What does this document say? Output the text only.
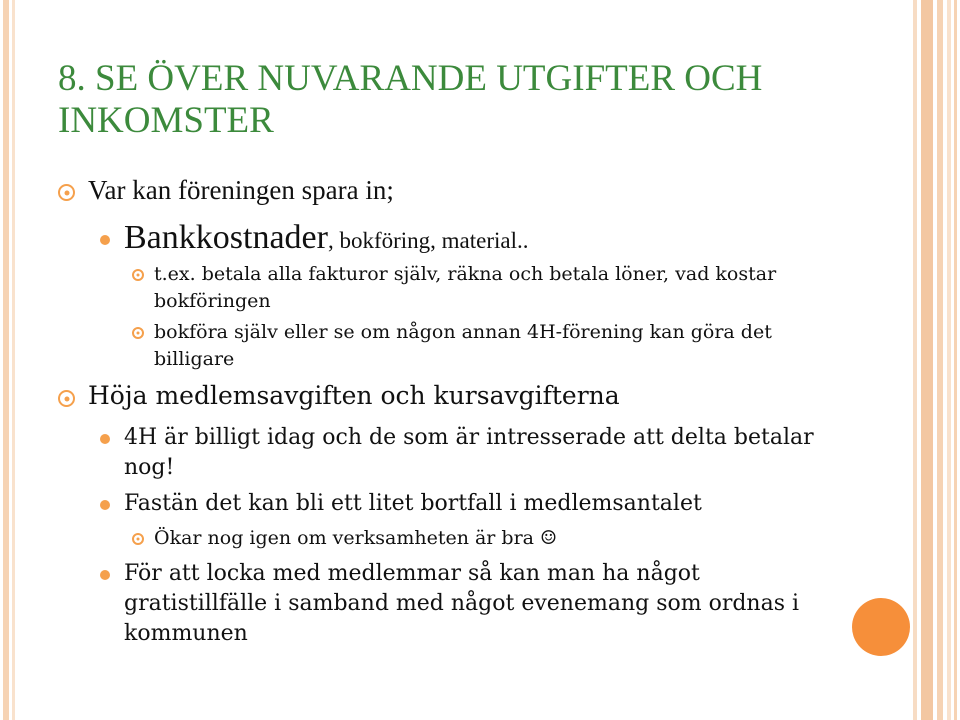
8. SE ÖVER NUVARANDE UTGIFTER OCH INKOMSTER
Var kan föreningen spara in;
Bankkostnader, bokföring, material..
t.ex. betala alla fakturor själv, räkna och betala löner, vad kostar bokföringen
bokföra själv eller se om någon annan 4H-förening kan göra det billigare
Höja medlemsavgiften och kursavgifterna
4H är billigt idag och de som är intresserade att delta betalar nog!
Fastän det kan bli ett litet bortfall i medlemsantalet
Ökar nog igen om verksamheten är bra ☺
För att locka med medlemmar så kan man ha något gratistillfälle i samband med något evenemang som ordnas i kommunen
